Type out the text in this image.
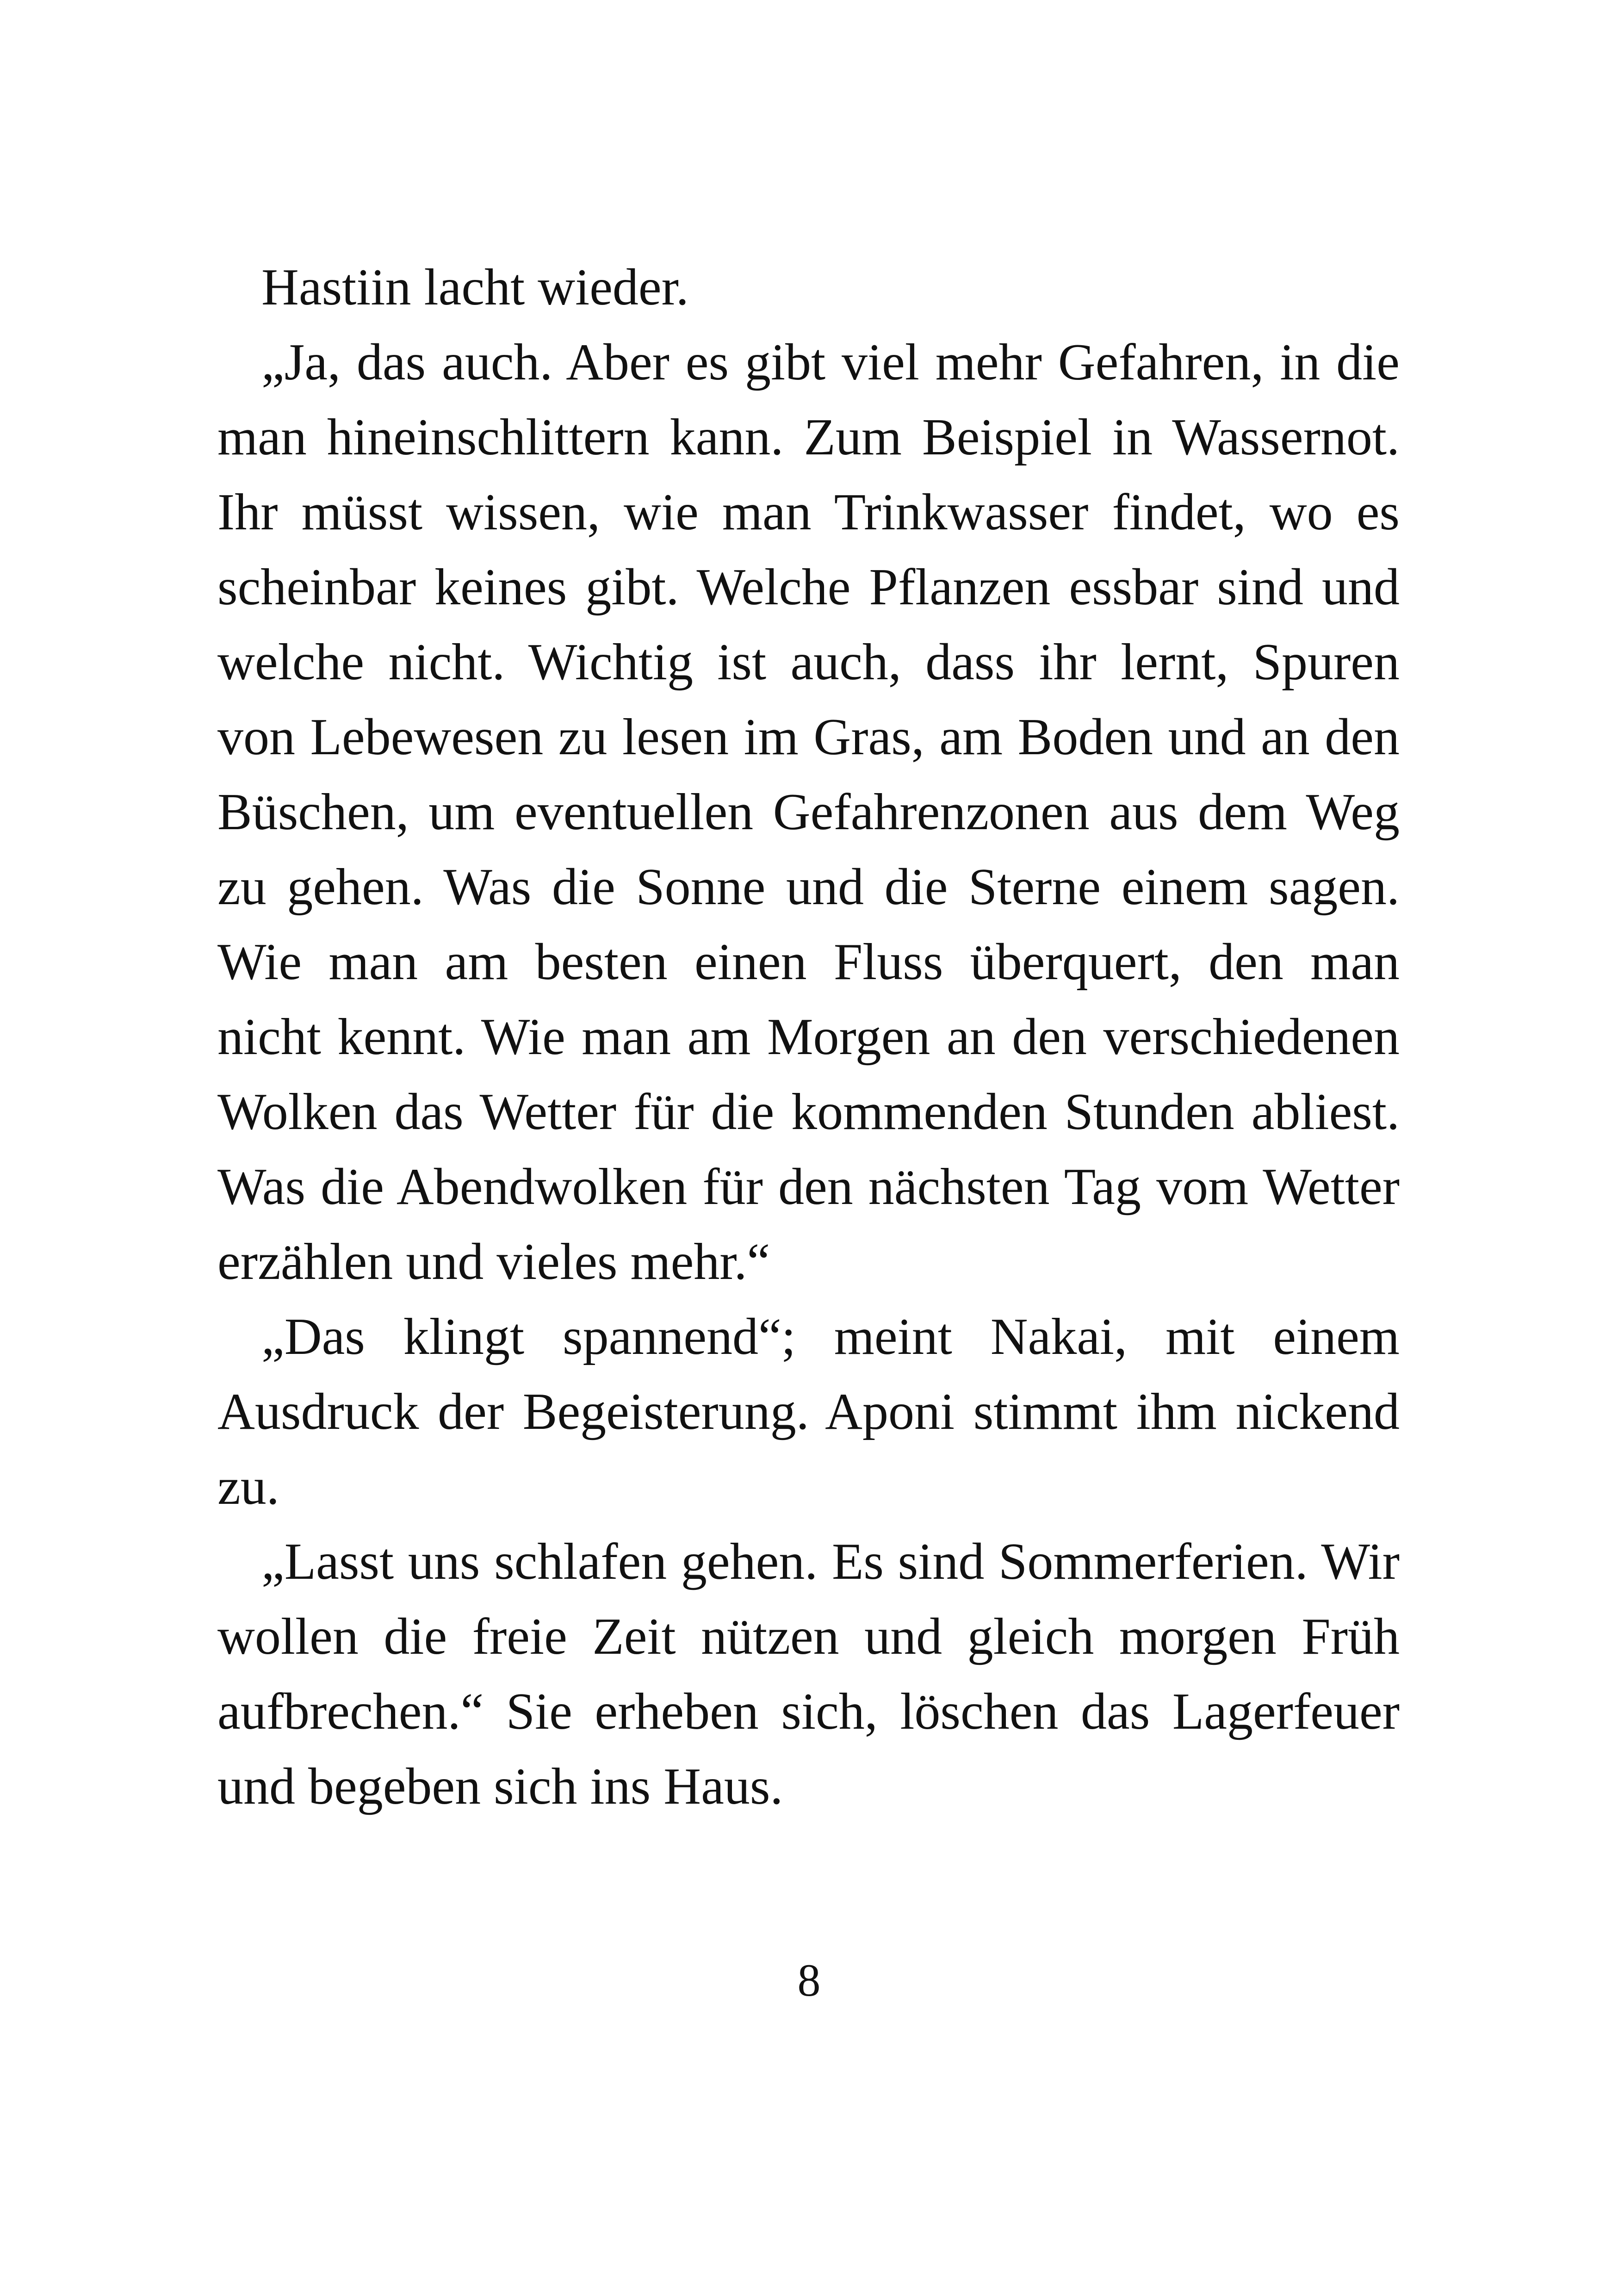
Hastiin lacht wieder.

„Ja, das auch. Aber es gibt viel mehr Gefahren, in die man hineinschlittern kann. Zum Beispiel in Wassernot. Ihr müsst wissen, wie man Trinkwasser findet, wo es scheinbar keines gibt. Welche Pflanzen essbar sind und welche nicht. Wichtig ist auch, dass ihr lernt, Spuren von Lebewesen zu lesen im Gras, am Boden und an den Büschen, um eventuellen Gefahrenzonen aus dem Weg zu gehen. Was die Sonne und die Sterne einem sagen. Wie man am besten einen Fluss überquert, den man nicht kennt. Wie man am Morgen an den verschiedenen Wolken das Wetter für die kommenden Stunden abliest. Was die Abendwolken für den nächsten Tag vom Wetter erzählen und vieles mehr.“

„Das klingt spannend“; meint Nakai, mit einem Ausdruck der Begeisterung. Aponi stimmt ihm nickend zu.

„Lasst uns schlafen gehen. Es sind Sommerferien. Wir wollen die freie Zeit nützen und gleich morgen Früh aufbrechen.“ Sie erheben sich, löschen das Lagerfeuer und begeben sich ins Haus.

8
